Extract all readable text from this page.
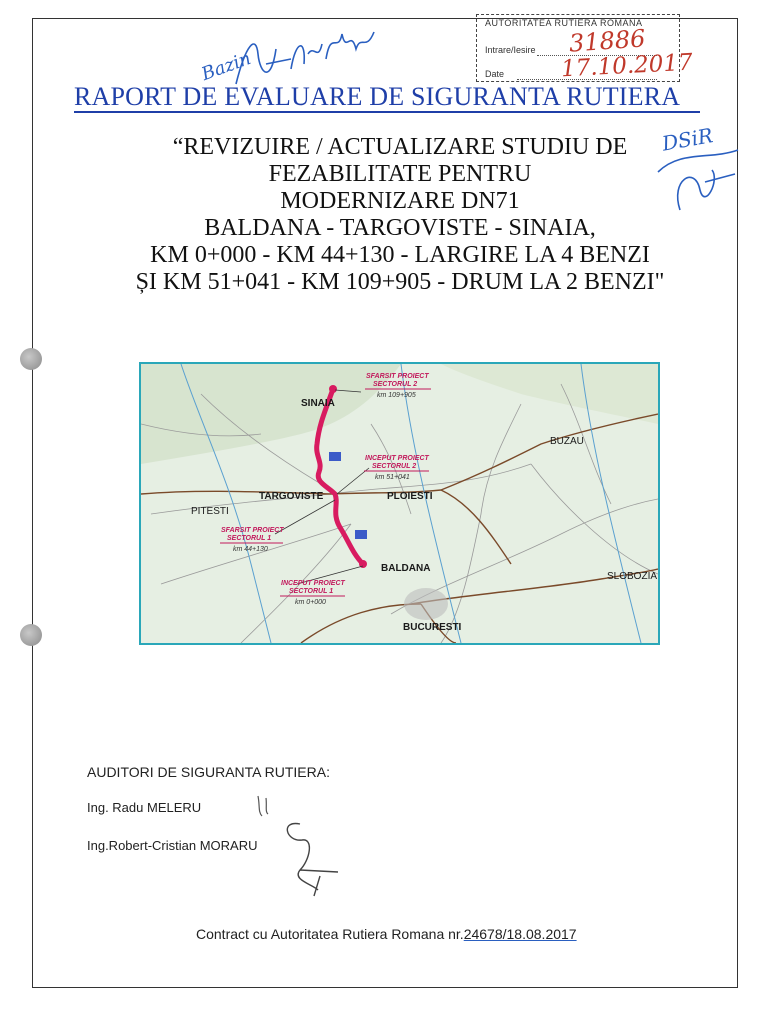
AUTORITATEA RUTIERA ROMANA
31886
Intrare/Iesire 17.10.2017
Date
Bazin
DSiR
RAPORT DE EVALUARE DE SIGURANTA RUTIERA
“REVIZUIRE / ACTUALIZARE STUDIU DE
FEZABILITATE PENTRU
MODERNIZARE DN71
BALDANA - TARGOVISTE - SINAIA,
KM 0+000 - KM 44+130 - LARGIRE LA 4 BENZI
ȘI KM 51+041 - KM 109+905 - DRUM LA 2 BENZI"
SINAIA
BUZAU
TARGOVISTE	PLOIESTI
PITESTI
BALDANA
SLOBOZIA
BUCURESTI
SFARSIT PROIECT
SECTORUL 2
km 109+905
INCEPUT PROIECT
SECTORUL 2
km 51+041
SFARSIT PROIECT
SECTORUL 1
km 44+130
INCEPUT PROIECT
SECTORUL 1
km 0+000
AUDITORI DE SIGURANTA RUTIERA:
Ing. Radu MELERU
Ing.Robert-Cristian MORARU
Contract cu Autoritatea Rutiera Romana nr.24678/18.08.2017
